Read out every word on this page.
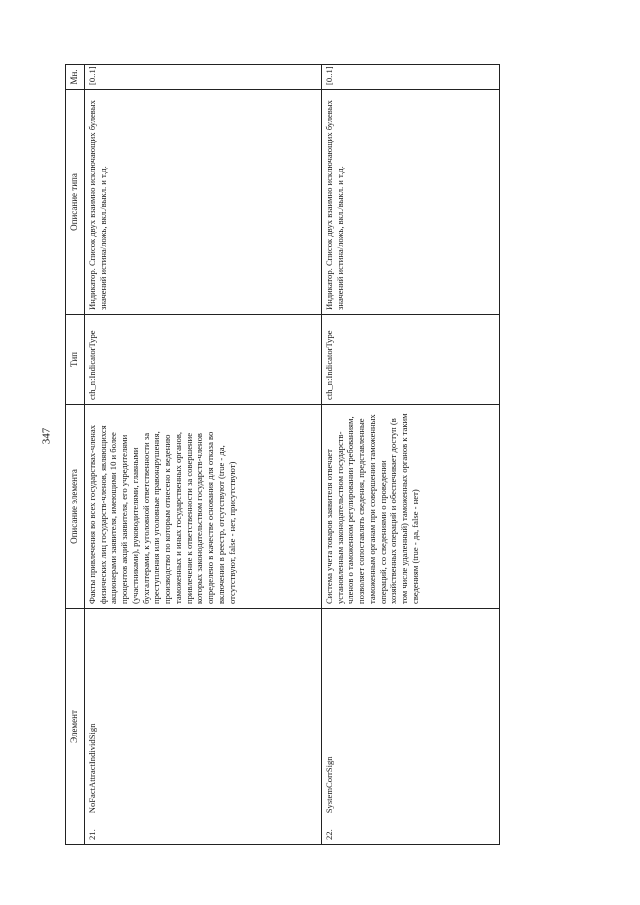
347
Элемент	Описание элемента	Тип	Описание типа	Мн.
21.NoFactAttractIndividSign	Факты привлечения во всех государствах-членах физических лиц государств-членов, являющихся акционерами заявителя, имеющими 10 и более процентов акций заявителя, его учредителями (участниками), руководителями, главными бухгалтерами, к уголовной ответственности за преступления или уголовные правонарушения, производство по которым отнесено к ведению таможенных и иных государственных органов, привлечение к ответственности за совершение которых законодательством государств-членов определено в качестве основания для отказа во включении в реестр, отсутствуют (true - да, отсутствуют, false - нет, присутствуют)	cth_n:IndicatorType	Индикатор. Список двух взаимно исключающих булевых значений истина/ложь, вкл./выкл. и т.д.	[0..1]
22.SystemCorrSign	Система учета товаров заявителя отвечает установленным законодательством государств-членов о таможенном регулировании требованиям, позволяет сопоставлять сведения, представленные таможенным органам при совершении таможенных операций, со сведениями о проведении хозяйственных операций и обеспечивает доступ (в том числе удаленный) таможенных органов к таким сведениям (true - да, false - нет)	cth_n:IndicatorType	Индикатор. Список двух взаимно исключающих булевых значений истина/ложь, вкл./выкл. и т.д.	[0..1]
